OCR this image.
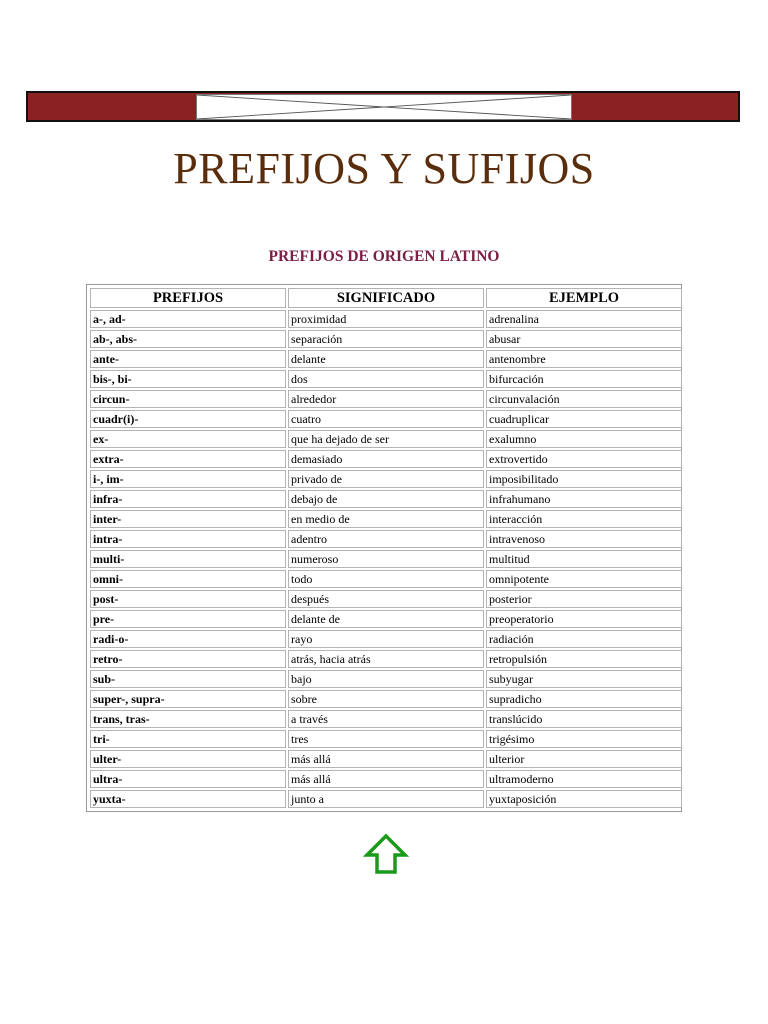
PREFIJOS Y SUFIJOS
PREFIJOS DE ORIGEN LATINO
PREFIJOS	SIGNIFICADO	EJEMPLO
a-, ad-	proximidad	adrenalina
ab-, abs-	separación	abusar
ante-	delante	antenombre
bis-, bi-	dos	bifurcación
circun-	alrededor	circunvalación
cuadr(i)-	cuatro	cuadruplicar
ex-	que ha dejado de ser	exalumno
extra-	demasiado	extrovertido
i-, im-	privado de	imposibilitado
infra-	debajo de	infrahumano
inter-	en medio de	interacción
intra-	adentro	intravenoso
multi-	numeroso	multitud
omni-	todo	omnipotente
post-	después	posterior
pre-	delante de	preoperatorio
radi-o-	rayo	radiación
retro-	atrás, hacia atrás	retropulsión
sub-	bajo	subyugar
super-, supra-	sobre	supradicho
trans, tras-	a través	translúcido
tri-	tres	trigésimo
ulter-	más allá	ulterior
ultra-	más allá	ultramoderno
yuxta-	junto a	yuxtaposición
